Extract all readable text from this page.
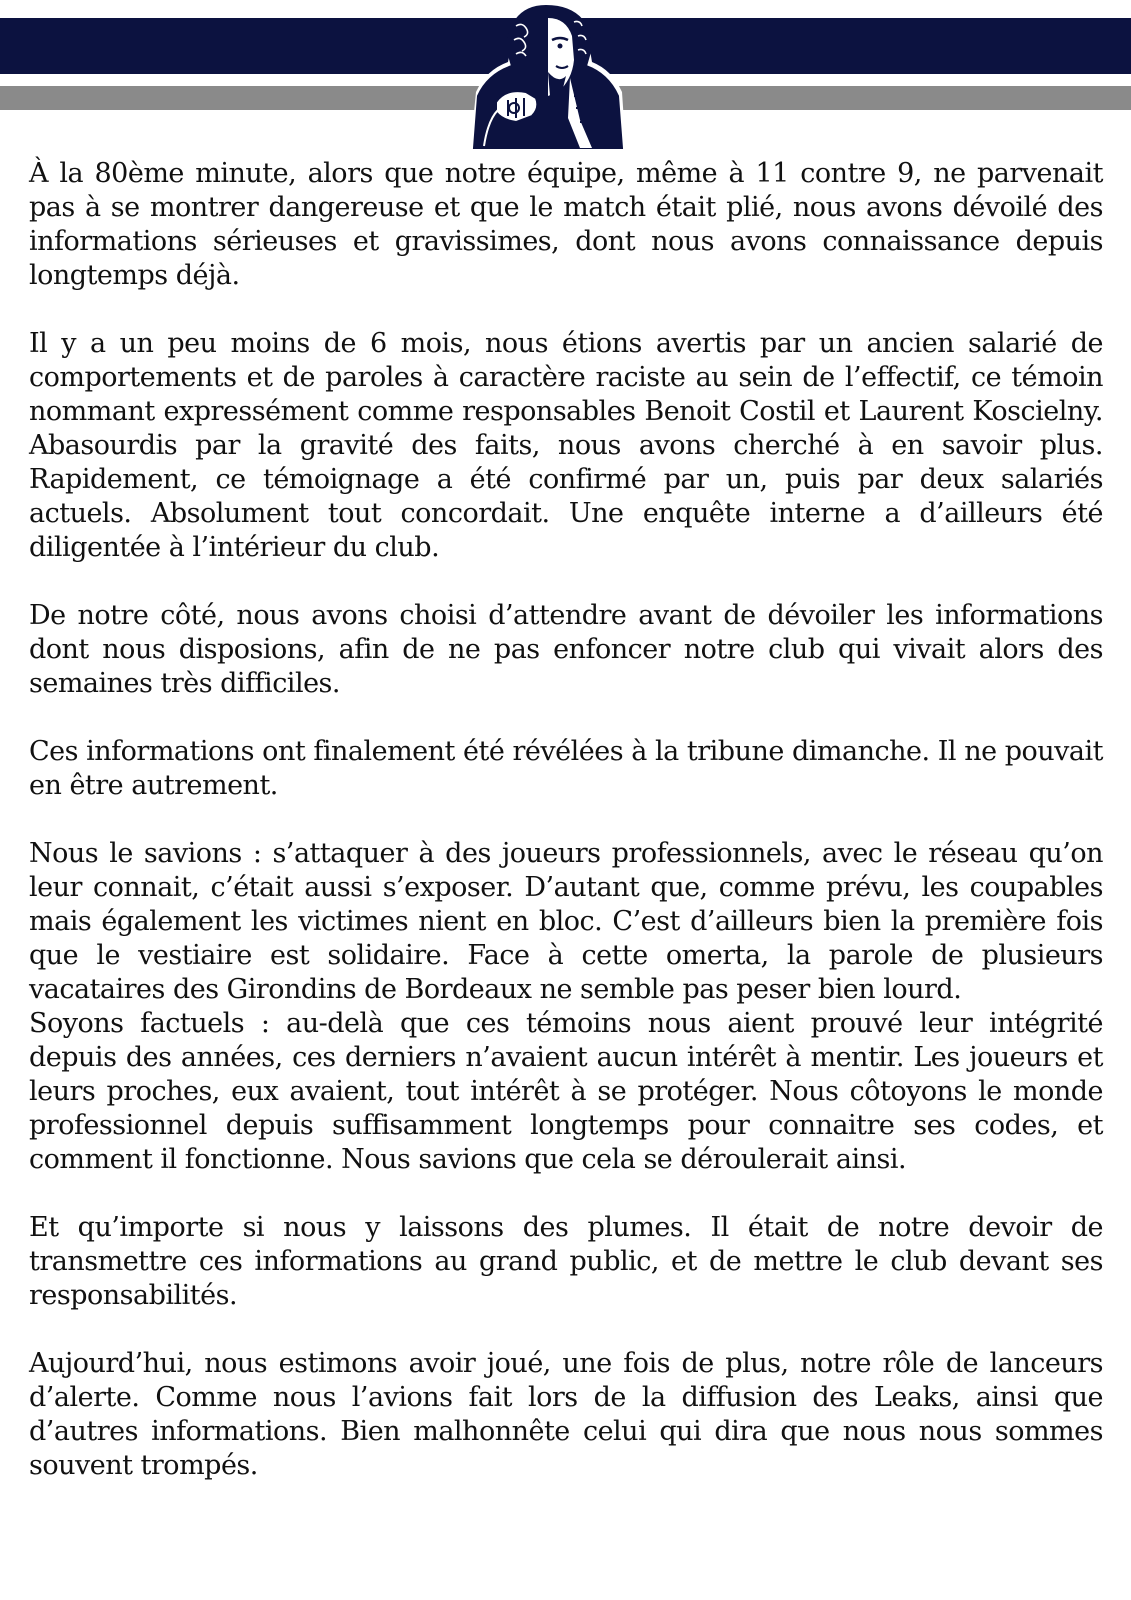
À la 80ème minute, alors que notre équipe, même à 11 contre 9, ne parvenait pas à se montrer dangereuse et que le match était plié, nous avons dévoilé des informations sérieuses et gravissimes, dont nous avons connaissance depuis longtemps déjà.

Il y a un peu moins de 6 mois, nous étions avertis par un ancien salarié de comportements et de paroles à caractère raciste au sein de l’effectif, ce témoin nommant expressément comme responsables Benoit Costil et Laurent Koscielny. Abasourdis par la gravité des faits, nous avons cherché à en savoir plus. Rapidement, ce témoignage a été confirmé par un, puis par deux salariés actuels. Absolument tout concordait. Une enquête interne a d’ailleurs été diligentée à l’intérieur du club.

De notre côté, nous avons choisi d’attendre avant de dévoiler les informations dont nous disposions, afin de ne pas enfoncer notre club qui vivait alors des semaines très difficiles.

Ces informations ont finalement été révélées à la tribune dimanche. Il ne pouvait en être autrement.

Nous le savions : s’attaquer à des joueurs professionnels, avec le réseau qu’on leur connait, c’était aussi s’exposer. D’autant que, comme prévu, les coupables mais également les victimes nient en bloc. C’est d’ailleurs bien la première fois que le vestiaire est solidaire. Face à cette omerta, la parole de plusieurs vacataires des Girondins de Bordeaux ne semble pas peser bien lourd.

Soyons factuels : au-delà que ces témoins nous aient prouvé leur intégrité depuis des années, ces derniers n’avaient aucun intérêt à mentir. Les joueurs et leurs proches, eux avaient, tout intérêt à se protéger. Nous côtoyons le monde professionnel depuis suffisamment longtemps pour connaitre ses codes, et comment il fonctionne. Nous savions que cela se déroulerait ainsi.

Et qu’importe si nous y laissons des plumes. Il était de notre devoir de transmettre ces informations au grand public, et de mettre le club devant ses responsabilités.

Aujourd’hui, nous estimons avoir joué, une fois de plus, notre rôle de lanceurs d’alerte. Comme nous l’avions fait lors de la diffusion des Leaks, ainsi que d’autres informations. Bien malhonnête celui qui dira que nous nous sommes souvent trompés.
